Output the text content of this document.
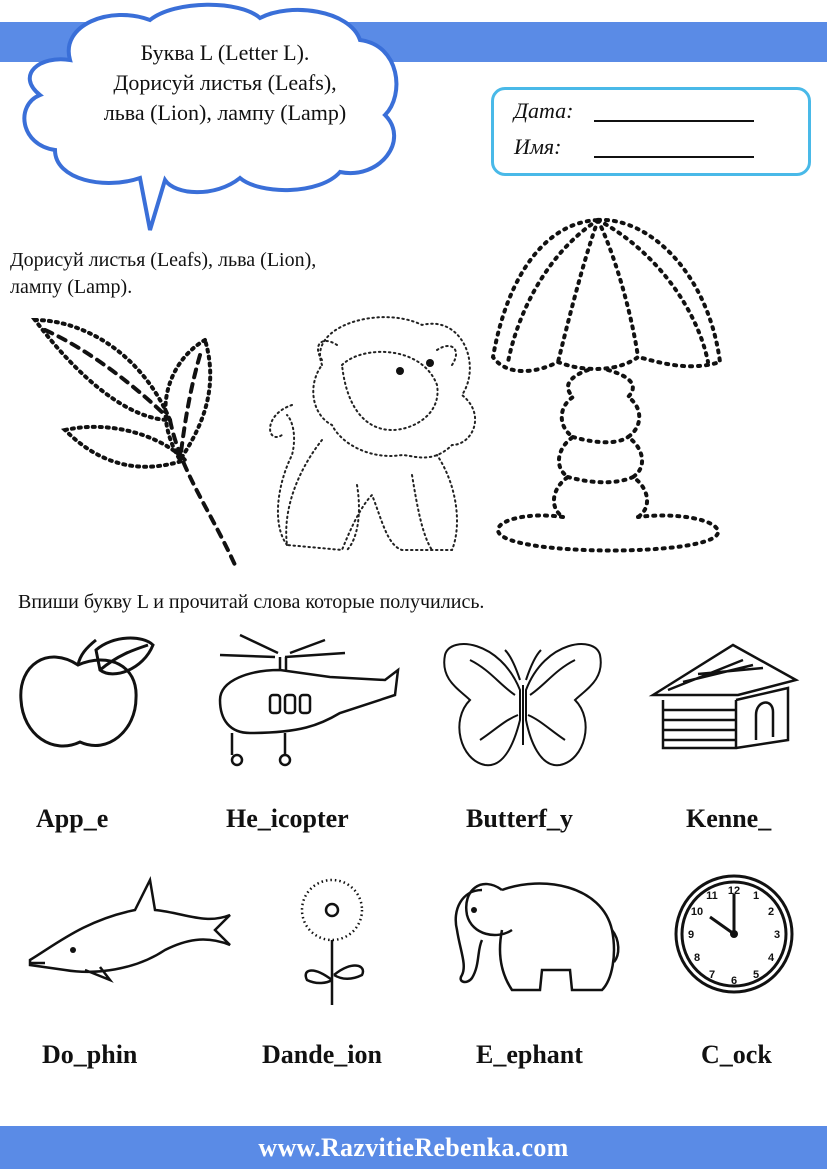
Буква L (Letter L).
Дорисуй листья (Leafs),
льва (Lion), лампу (Lamp)	Дата:
Имя:
Дорисуй листья (Leafs), льва (Lion),
лампу (Lamp).
Впиши букву L и прочитай слова которые получились.
App_e	He_icopter	Butterf_y	Kenne_
12 1
2
3
4
5
6
7
8
9
10
11
Do_phin	Dande_ion	E_ephant	C_ock
www.RazvitieRebenka.com
